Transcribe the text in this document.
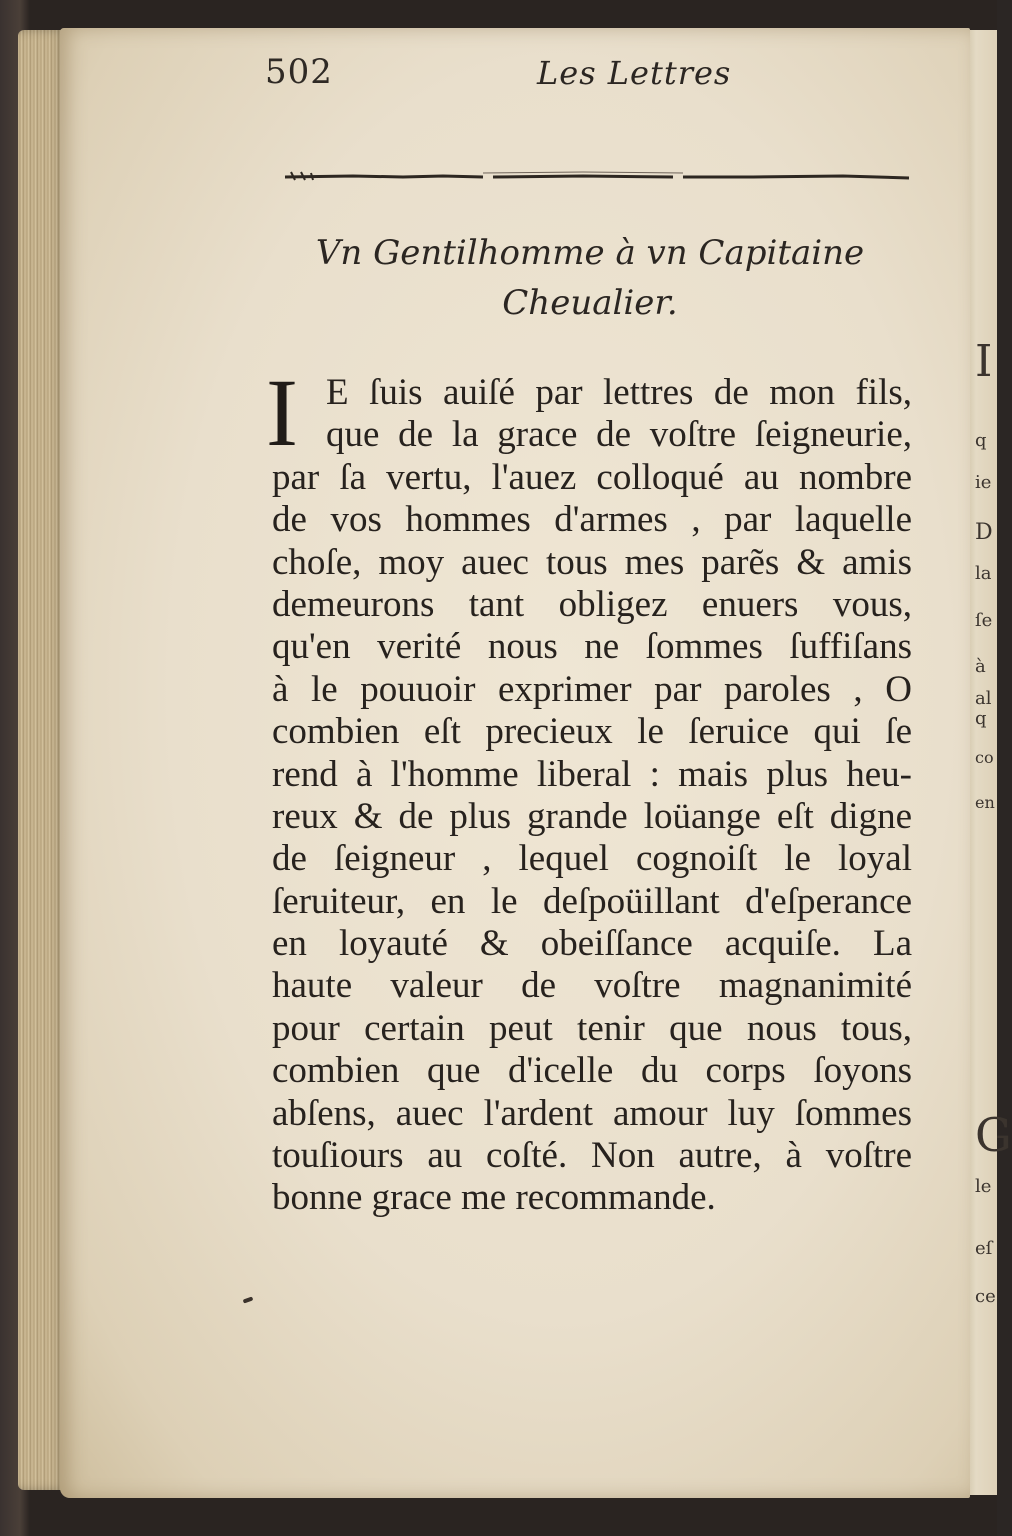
I
q
ie
D
la
ſe
à
al
q
co
en
G
le
eſ
ce
502	Les Lettres
Vn Gentilhomme à vn Capitaine
Cheualier.
I E ſuis auiſé par lettres de mon fils,
que de la grace de voſtre ſeigneurie,
par ſa vertu, l'auez colloqué au nombre
de vos hommes d'armes , par laquelle
choſe, moy auec tous mes parẽs & amis
demeurons tant obligez enuers vous,
qu'en verité nous ne ſommes ſuffiſans
à le pouuoir exprimer par paroles , O
combien eſt precieux le ſeruice qui ſe
rend à l'homme liberal : mais plus heu-
reux & de plus grande loüange eſt digne
de ſeigneur , lequel cognoiſt le loyal
ſeruiteur, en le deſpoüillant d'eſperance
en loyauté & obeiſſance acquiſe. La
haute valeur de voſtre magnanimité
pour certain peut tenir que nous tous,
combien que d'icelle du corps ſoyons
abſens, auec l'ardent amour luy ſommes
touſiours au coſté. Non autre, à voſtre
bonne grace me recommande.
